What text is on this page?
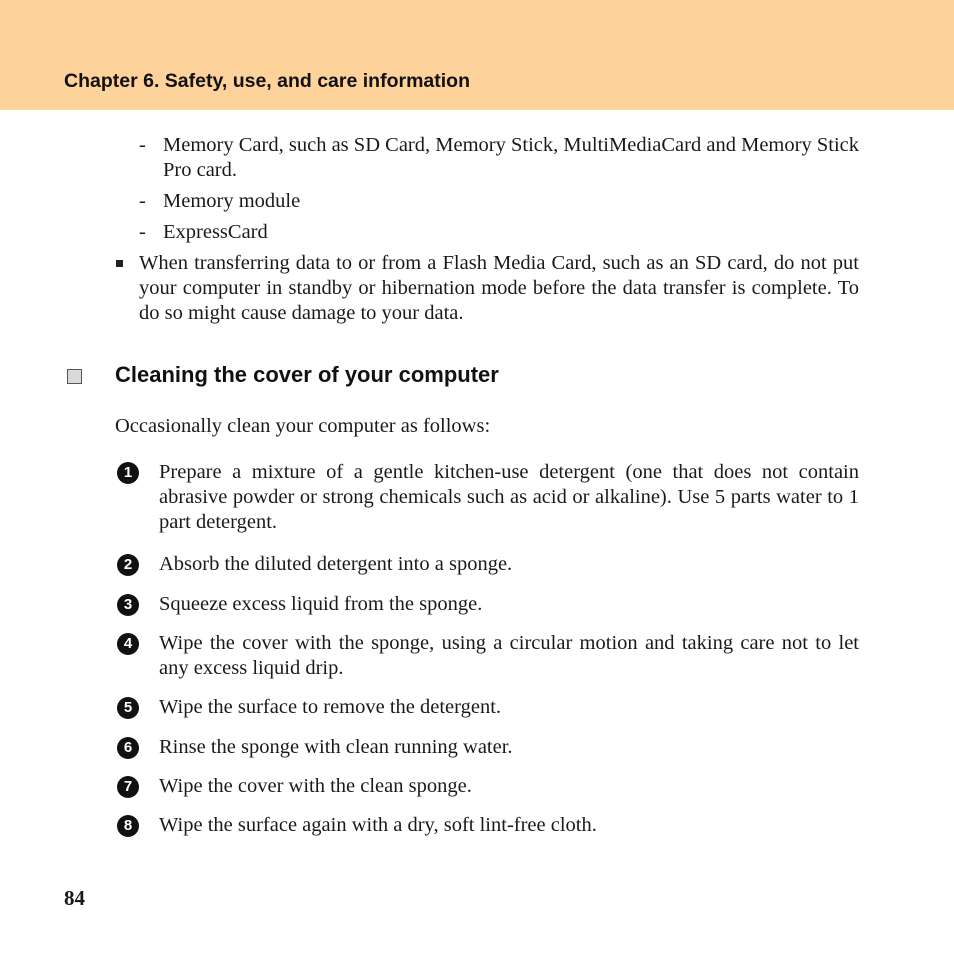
Chapter 6. Safety, use, and care information
- Memory Card, such as SD Card, Memory Stick, MultiMediaCard and Memory Stick Pro card.
- Memory module
- ExpressCard
When transferring data to or from a Flash Media Card, such as an SD card, do not put your computer in standby or hibernation mode before the data transfer is complete. To do so might cause damage to your data.
Cleaning the cover of your computer
Occasionally clean your computer as follows:
1	Prepare a mixture of a gentle kitchen-use detergent (one that does not contain abrasive powder or strong chemicals such as acid or alkaline). Use 5 parts water to 1 part detergent.
2	Absorb the diluted detergent into a sponge.
3	Squeeze excess liquid from the sponge.
4	Wipe the cover with the sponge, using a circular motion and taking care not to let any excess liquid drip.
5	Wipe the surface to remove the detergent.
6	Rinse the sponge with clean running water.
7	Wipe the cover with the clean sponge.
8	Wipe the surface again with a dry, soft lint-free cloth.
84
